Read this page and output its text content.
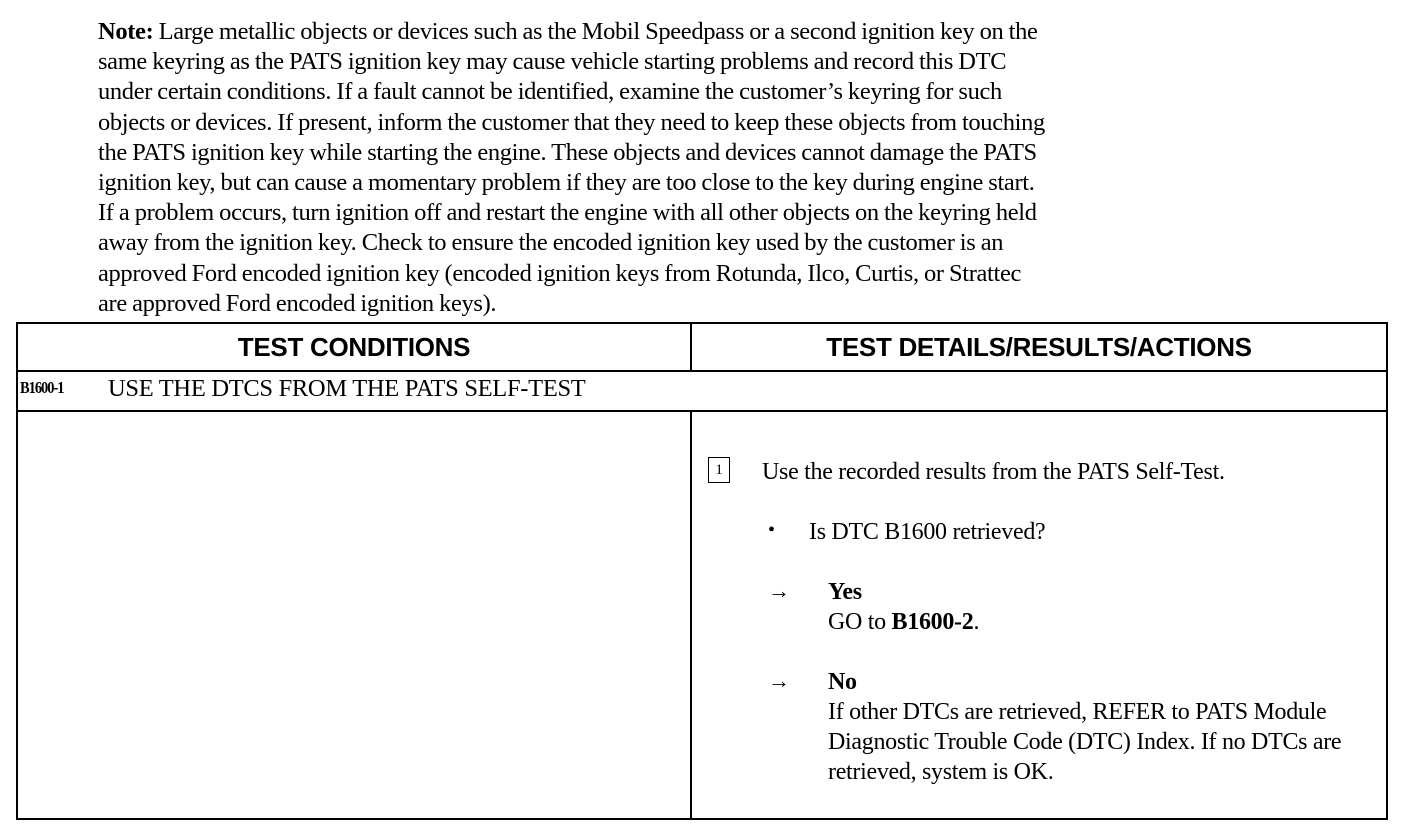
Note: Large metallic objects or devices such as the Mobil Speedpass or a second ignition key on the
same keyring as the PATS ignition key may cause vehicle starting problems and record this DTC
under certain conditions. If a fault cannot be identified, examine the customer’s keyring for such
objects or devices. If present, inform the customer that they need to keep these objects from touching
the PATS ignition key while starting the engine. These objects and devices cannot damage the PATS
ignition key, but can cause a momentary problem if they are too close to the key during engine start.
If a problem occurs, turn ignition off and restart the engine with all other objects on the keyring held
away from the ignition key. Check to ensure the encoded ignition key used by the customer is an
approved Ford encoded ignition key (encoded ignition keys from Rotunda, Ilco, Curtis, or Strattec
are approved Ford encoded ignition keys).
TEST CONDITIONS	TEST DETAILS/RESULTS/ACTIONS
B1600-1 USE THE DTCS FROM THE PATS SELF-TEST
1	Use the recorded results from the PATS Self-Test.
• Is DTC B1600 retrieved?
→ Yes
GO to B1600-2.
→ No
If other DTCs are retrieved, REFER to PATS Module Diagnostic Trouble Code (DTC) Index. If no DTCs are retrieved, system is OK.
